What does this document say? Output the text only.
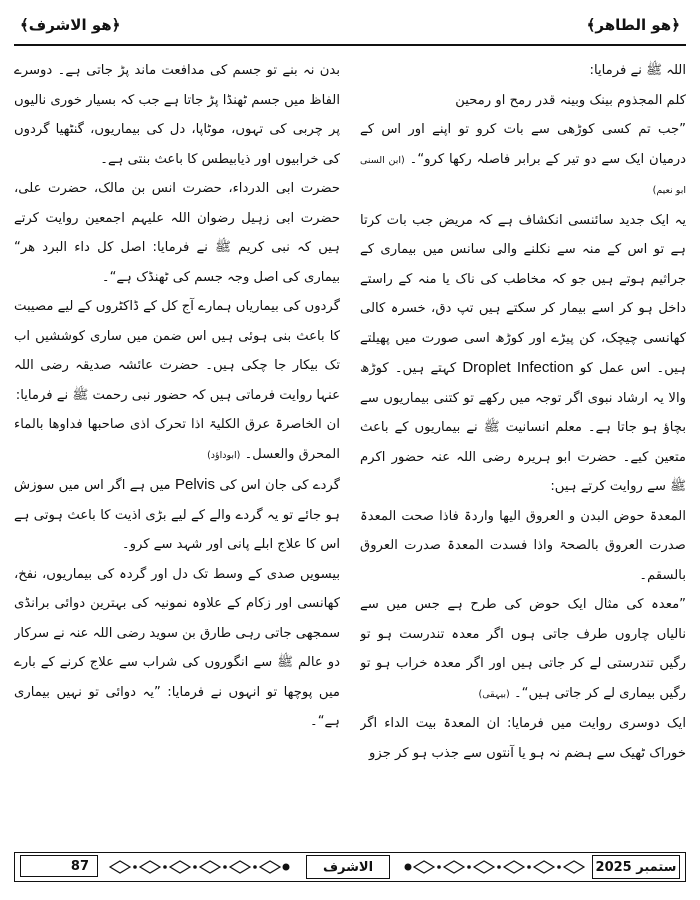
﴿هو الطاهر﴾
﴿هو الاشرف﴾

اللہ ﷺ نے فرمایا:

کلم المجذوم بینک وبینہ قدر رمح او رمحین

”جب تم کسی کوڑھی سے بات کرو تو اپنے اور اس کے درمیان ایک سے دو تیر کے برابر فاصلہ رکھا کرو“۔ (ابن السنی ابو نعیم)

یہ ایک جدید سائنسی انکشاف ہے کہ مریض جب بات کرتا ہے تو اس کے منہ سے نکلنے والی سانس میں بیماری کے جراثیم ہوتے ہیں جو کہ مخاطب کی ناک یا منہ کے راستے داخل ہو کر اسے بیمار کر سکتے ہیں تپ دق، خسرہ کالی کھانسی چیچک، کن پیڑے اور کوڑھ اسی صورت میں پھیلتے ہیں۔ اس عمل کو Droplet Infection کہتے ہیں۔ کوڑھ والا یہ ارشاد نبوی اگر توجہ میں رکھے تو کتنی بیماریوں سے بچاؤ ہو جاتا ہے۔ معلم انسانیت ﷺ نے بیماریوں کے باعث متعین کیے۔ حضرت ابو ہریرہ رضی اللہ عنہ حضور اکرم ﷺ سے روایت کرتے ہیں:

المعدۃ حوض البدن و العروق الیھا واردۃ فاذا صحت المعدۃ صدرت العروق بالصحۃ واذا فسدت المعدۃ صدرت العروق بالسقم۔

”معدہ کی مثال ایک حوض کی طرح ہے جس میں سے نالیاں چاروں طرف جاتی ہوں اگر معدہ تندرست ہو تو رگیں تندرستی لے کر جاتی ہیں اور اگر معدہ خراب ہو تو رگیں بیماری لے کر جاتی ہیں“۔ (بیہقی)

ایک دوسری روایت میں فرمایا: ان المعدۃ بیت الداء اگر خوراک ٹھیک سے ہضم نہ ہو یا آنتوں سے جذب ہو کر جزو

بدن نہ بنے تو جسم کی مدافعت ماند پڑ جاتی ہے۔ دوسرے الفاظ میں جسم ٹھنڈا پڑ جاتا ہے جب کہ بسیار خوری نالیوں پر چربی کی تہوں، موٹاپا، دل کی بیماریوں، گنٹھیا گردوں کی خرابیوں اور ذیابیطس کا باعث بنتی ہے۔

حضرت ابی الدرداء، حضرت انس بن مالک، حضرت علی، حضرت ابی زہیل رضوان اللہ علیہم اجمعین روایت کرتے ہیں کہ نبی کریم ﷺ نے فرمایا: اصل کل داء البرد ھر“ بیماری کی اصل وجہ جسم کی ٹھنڈک ہے“۔

گردوں کی بیماریاں ہمارے آج کل کے ڈاکٹروں کے لیے مصیبت کا باعث بنی ہوئی ہیں اس ضمن میں ساری کوششیں اب تک بیکار جا چکی ہیں۔ حضرت عائشہ صدیقہ رضی اللہ عنہا روایت فرماتی ہیں کہ حضور نبی رحمت ﷺ نے فرمایا:

ان الخاصرۃ عرق الکلیۃ اذا تحرک اذی صاحبھا فداوھا بالماء المحرق والعسل۔ (ابوداؤد)

گردے کی جان اس کی Pelvis میں ہے اگر اس میں سوزش ہو جائے تو یہ گردے والے کے لیے بڑی اذیت کا باعث ہوتی ہے اس کا علاج ابلے پانی اور شہد سے کرو۔

بیسویں صدی کے وسط تک دل اور گردہ کی بیماریوں، نفخ، کھانسی اور زکام کے علاوہ نمونیہ کی بہترین دوائی برانڈی سمجھی جاتی رہی طارق بن سوید رضی اللہ عنہ نے سرکار دو عالم ﷺ سے انگوروں کی شراب سے علاج کرنے کے بارے میں پوچھا تو انہوں نے فرمایا: ”یہ دوائی تو نہیں بیماری ہے“۔

87	الاشرف	ستمبر 2025
